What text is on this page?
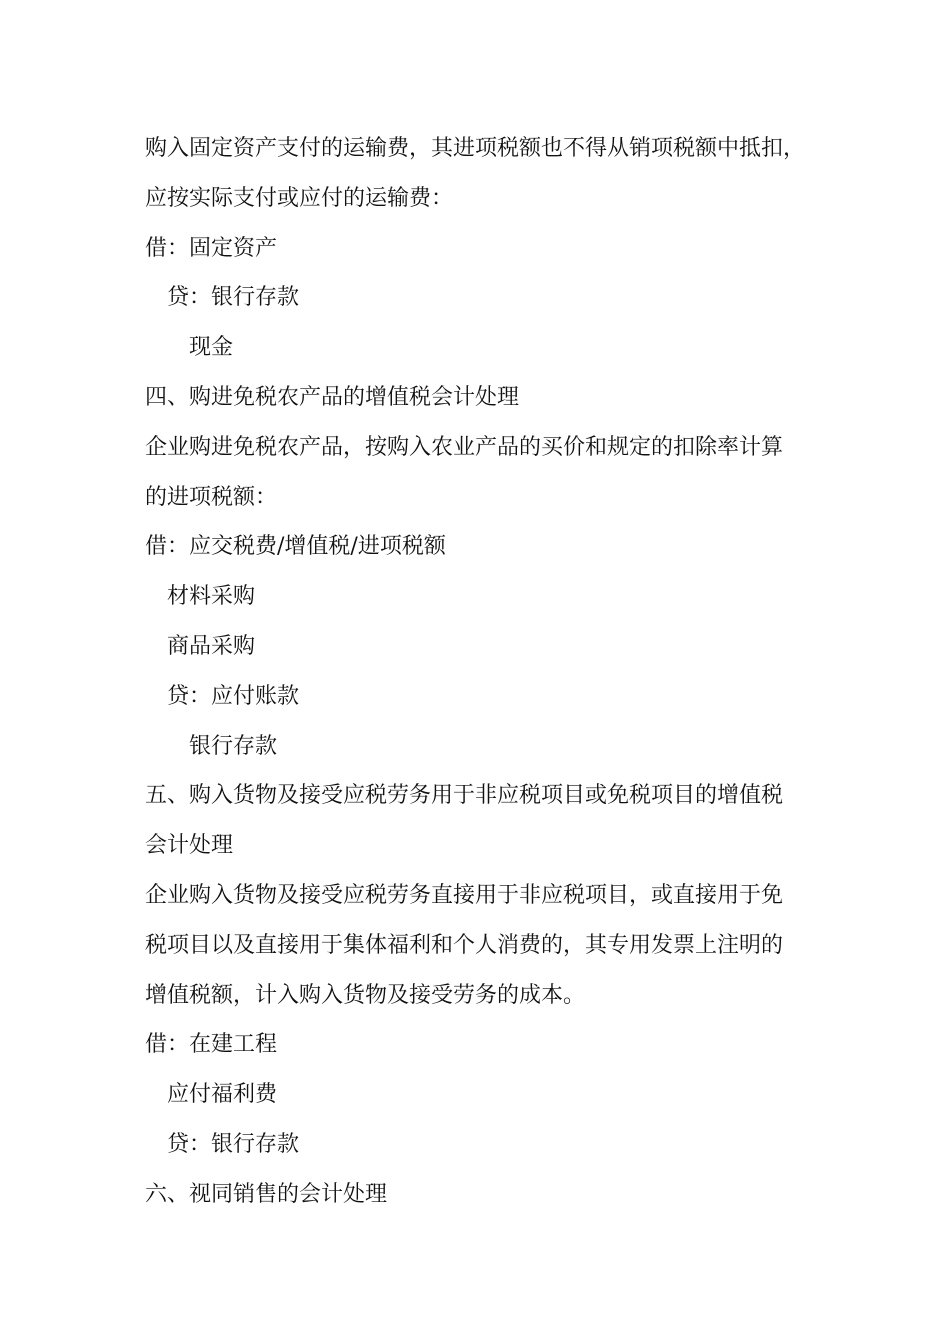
购入固定资产支付的运输费，其进项税额也不得从销项税额中抵扣，
应按实际支付或应付的运输费：
借：固定资产
贷：银行存款
现金
四、购进免税农产品的增值税会计处理
企业购进免税农产品，按购入农业产品的买价和规定的扣除率计算
的进项税额：
借：应交税费/增值税/进项税额
材料采购
商品采购
贷：应付账款
银行存款
五、购入货物及接受应税劳务用于非应税项目或免税项目的增值税
会计处理
企业购入货物及接受应税劳务直接用于非应税项目，或直接用于免
税项目以及直接用于集体福利和个人消费的，其专用发票上注明的
增值税额，计入购入货物及接受劳务的成本。
借：在建工程
应付福利费
贷：银行存款
六、视同销售的会计处理
